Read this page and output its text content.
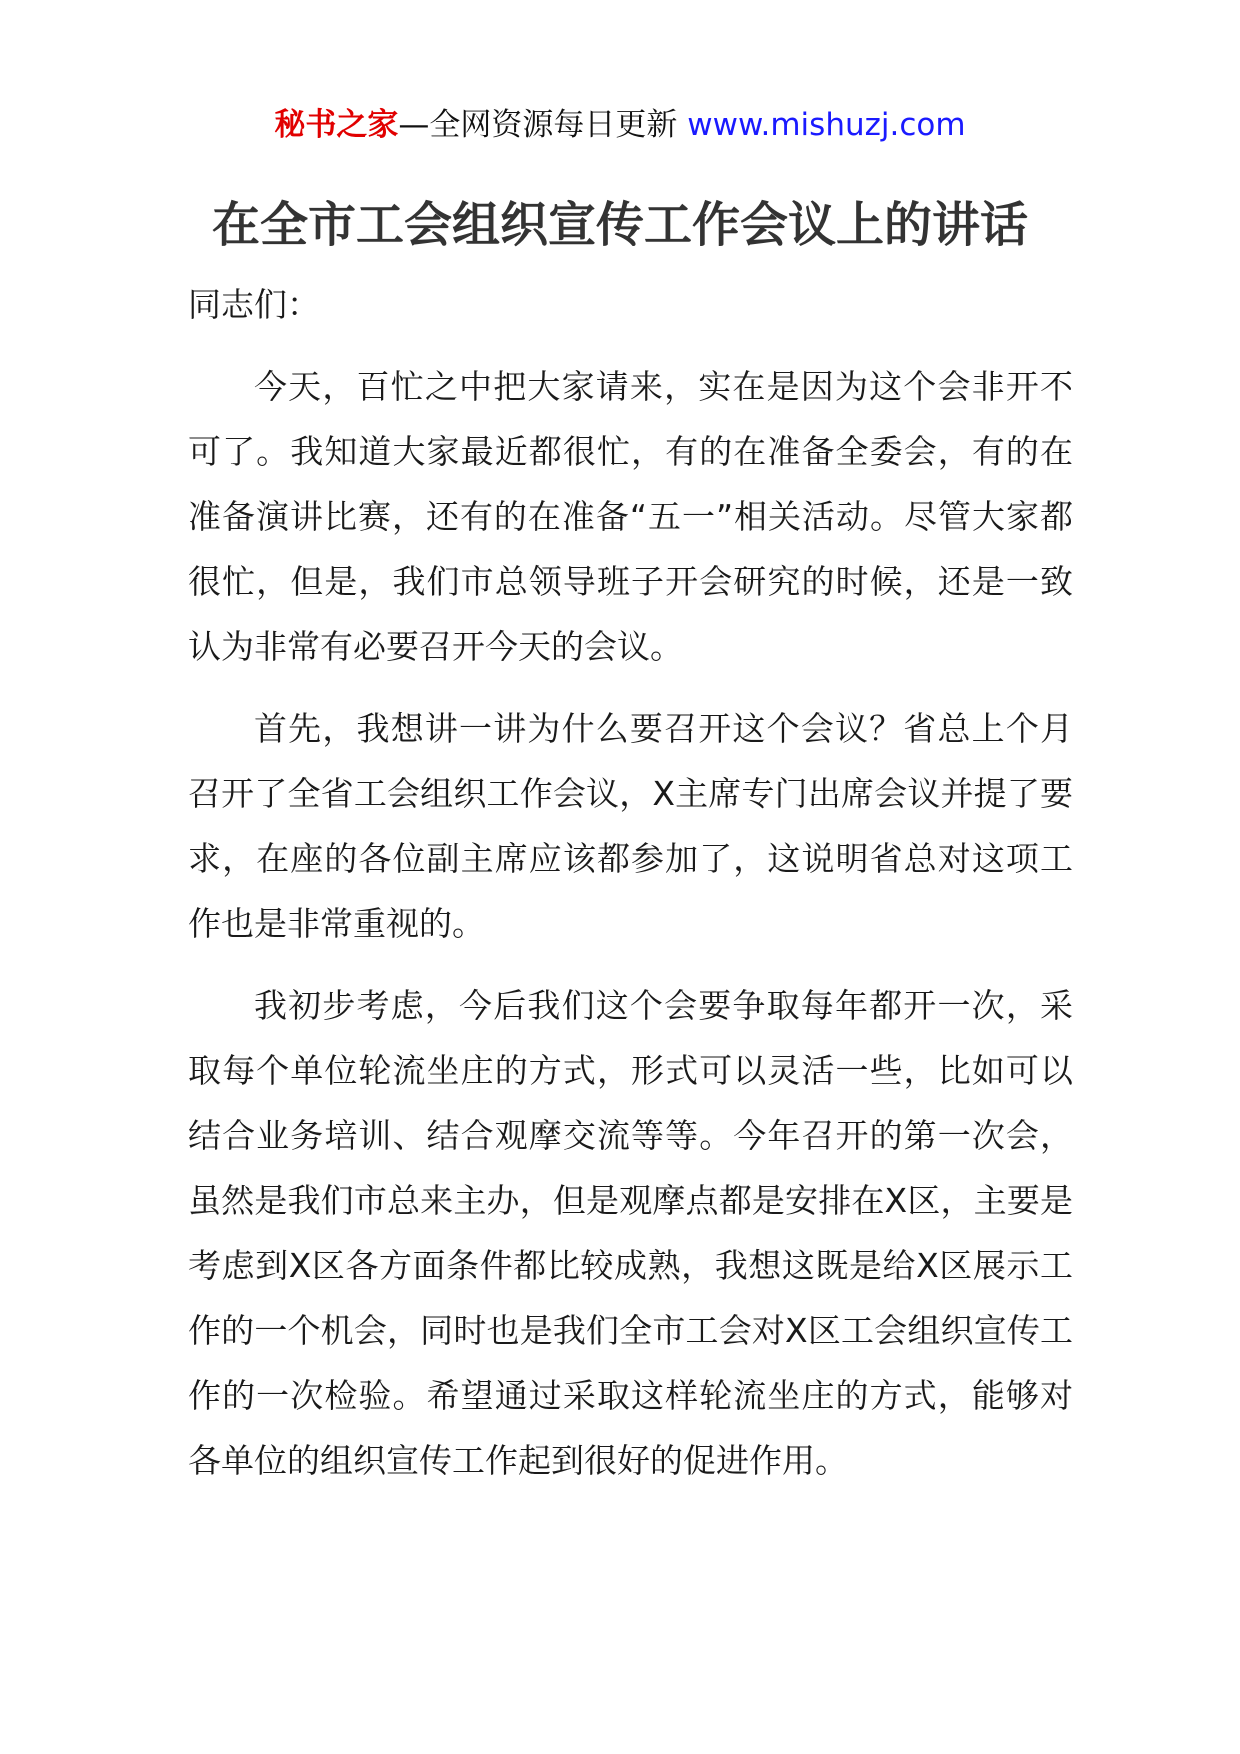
秘书之家—全网资源每日更新 www.mishuzj.com
在全市工会组织宣传工作会议上的讲话

同志们：

今天，百忙之中把大家请来，实在是因为这个会非开不可了。我知道大家最近都很忙，有的在准备全委会，有的在准备演讲比赛，还有的在准备“五一”相关活动。尽管大家都很忙，但是，我们市总领导班子开会研究的时候，还是一致认为非常有必要召开今天的会议。

首先，我想讲一讲为什么要召开这个会议？省总上个月召开了全省工会组织工作会议，X主席专门出席会议并提了要求，在座的各位副主席应该都参加了，这说明省总对这项工作也是非常重视的。

我初步考虑，今后我们这个会要争取每年都开一次，采取每个单位轮流坐庄的方式，形式可以灵活一些，比如可以结合业务培训、结合观摩交流等等。今年召开的第一次会，虽然是我们市总来主办，但是观摩点都是安排在X区，主要是考虑到X区各方面条件都比较成熟，我想这既是给X区展示工作的一个机会，同时也是我们全市工会对X区工会组织宣传工作的一次检验。希望通过采取这样轮流坐庄的方式，能够对各单位的组织宣传工作起到很好的促进作用。
